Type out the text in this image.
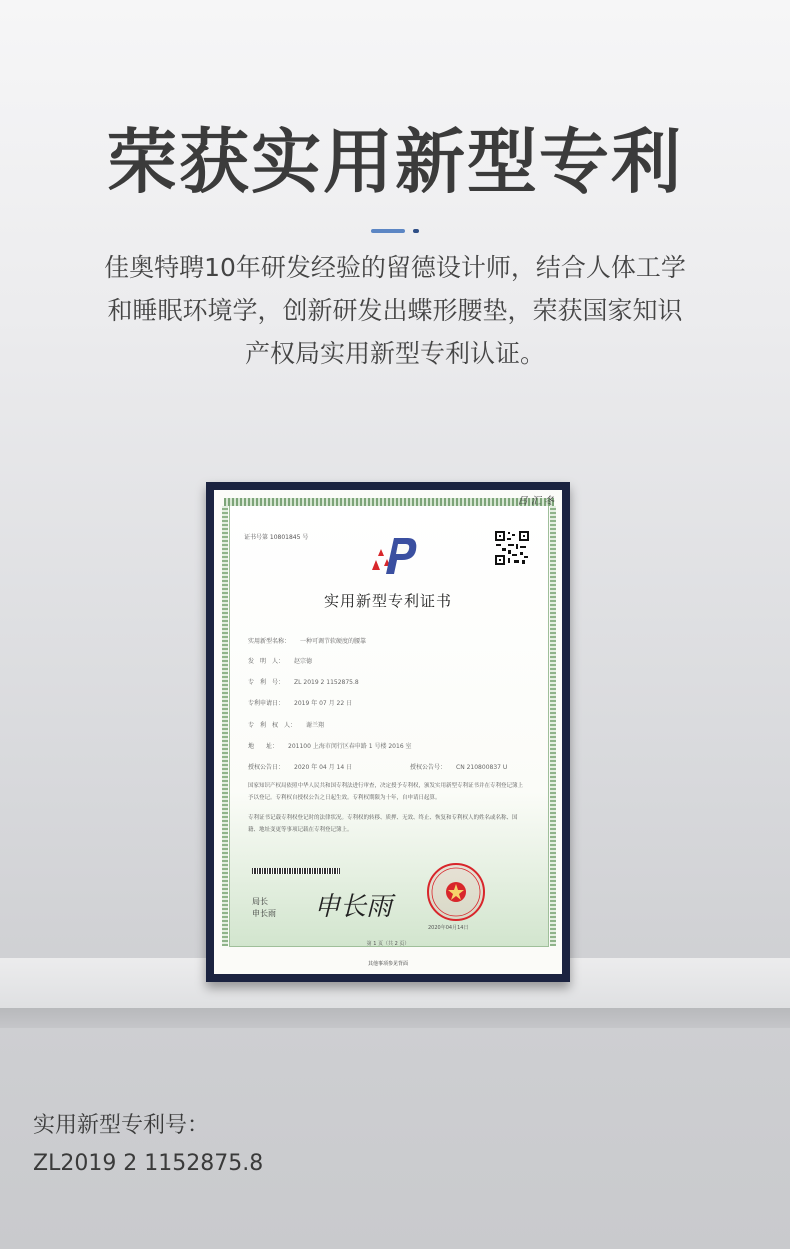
荣获实用新型专利
佳奥特聘10年研发经验的留德设计师，结合人体工学
和睡眠环境学，创新研发出蝶形腰垫，荣获国家知识
产权局实用新型专利认证。
吕 汇 冬
证书号第 10801845 号
实用新型专利证书
实用新型名称： 一种可调节软硬度的腰靠
发　明　人： 赵宗德
专　利　号： ZL 2019 2 1152875.8
专利申请日： 2019 年 07 月 22 日
专　利　权　人： 谢兰翔
地　　址： 201100 上海市闵行区春申路 1 号楼 2016 室
授权公告日： 2020 年 04 月 14 日	授权公告号： CN 210800837 U
国家知识产权局依照中华人民共和国专利法进行审查，决定授予专利权，颁发实用新型专利证书并在专利登记簿上予以登记。专利权自授权公告之日起生效。专利权期限为十年，自申请日起算。
专利证书记载专利权登记时的法律状况。专利权的转移、质押、无效、终止、恢复和专利权人的姓名或名称、国籍、地址变更等事项记载在专利登记簿上。
局长
申长雨 申长雨
2020年04月14日
第 1 页（共 2 页）
其他事项参见背面
实用新型专利号：
ZL2019 2 1152875.8
